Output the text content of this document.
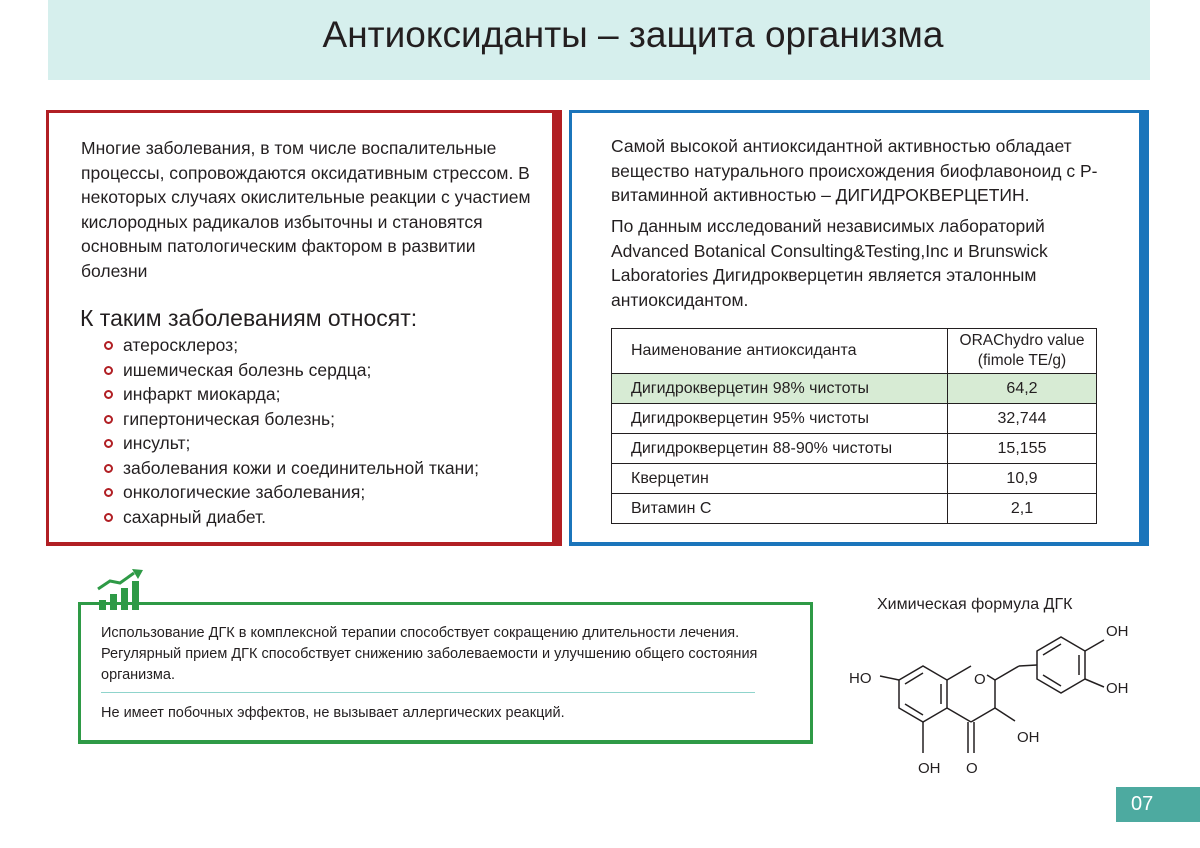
Антиоксиданты – защита организма

Многие заболевания, в том числе воспалительные процессы, сопровождаются оксидативным стрессом. В некоторых случаях окислительные реакции с участием кислородных радикалов избыточны и становятся основным патологическим фактором в развитии болезни

К таким заболеваниям относят:
атеросклероз;
ишемическая болезнь сердца;
инфаркт миокарда;
гипертоническая болезнь;
инсульт;
заболевания кожи и соединительной ткани;
онкологические заболевания;
сахарный диабет.

Самой высокой антиоксидантной активностью обладает вещество натурального происхождения биофлавоноид с Р-витаминной активностью – ДИГИДРОКВЕРЦЕТИН.

По данным исследований независимых лабораторий Advanced Botanical Consulting&Testing,Inc и Brunswick Laboratories Дигидрокверцетин является эталонным антиоксидантом.

Наименование антиоксиданта	ORAChydro value
(fimole TE/g)
Дигидрокверцетин 98% чистоты	64,2
Дигидрокверцетин 95% чистоты	32,744
Дигидрокверцетин 88-90% чистоты	15,155
Кверцетин	10,9
Витамин С	2,1

Использование ДГК в комплексной терапии способствует сокращению длительности лечения. Регулярный прием ДГК способствует снижению заболеваемости и улучшению общего состояния организма.

Не имеет побочных эффектов, не вызывает аллергических реакций.

Химическая формула ДГК
OH
OH
HO	O
OH
OH O
07
